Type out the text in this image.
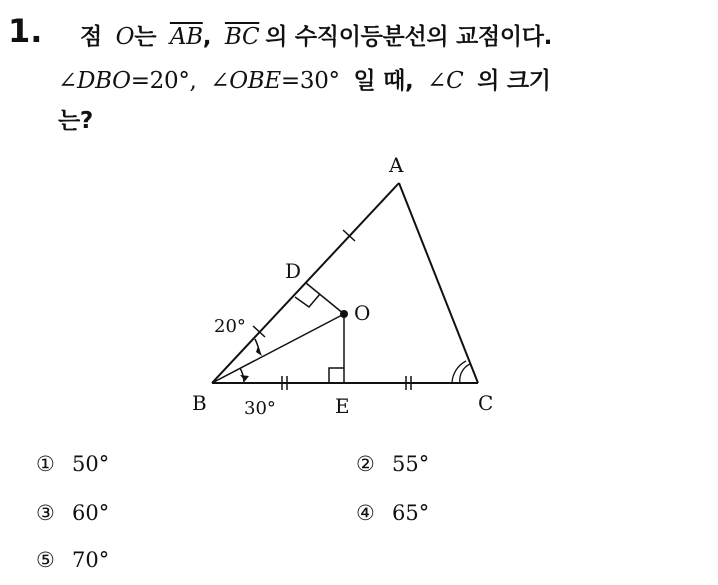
1. 점 O는 $\overline{AB}$, $\overline{BC}$ 의 수직이등분선의 교점이다.
∠DBO=20°, ∠OBE=30° 일 때, ∠C 의 크기
는?
A
B	C
D
E
O
20°
30°
① 50°	② 55°
③ 60°	④ 65°
⑤ 70°
